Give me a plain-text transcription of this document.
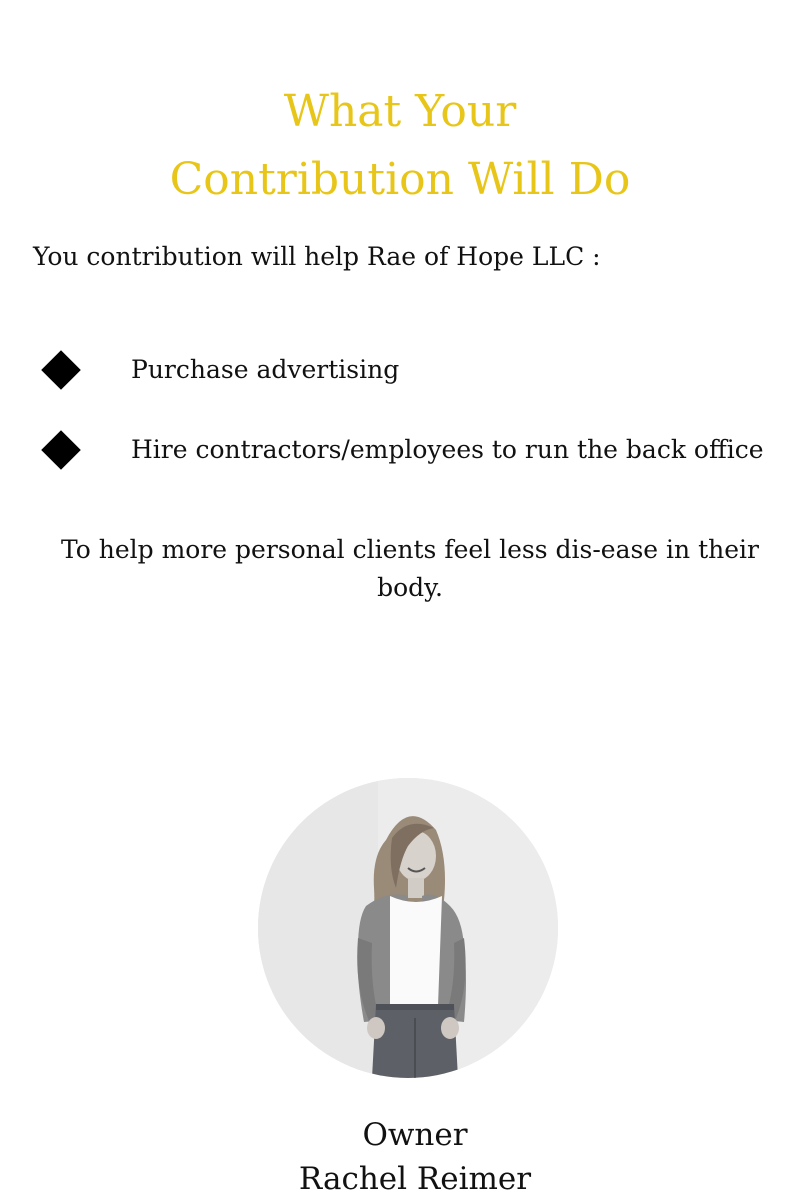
What Your
Contribution Will Do

You contribution will help Rae of Hope LLC :

Purchase advertising
Hire contractors/employees to run the back office

To help more personal clients feel less dis-ease in their body.

Owner

Rachel Reimer
